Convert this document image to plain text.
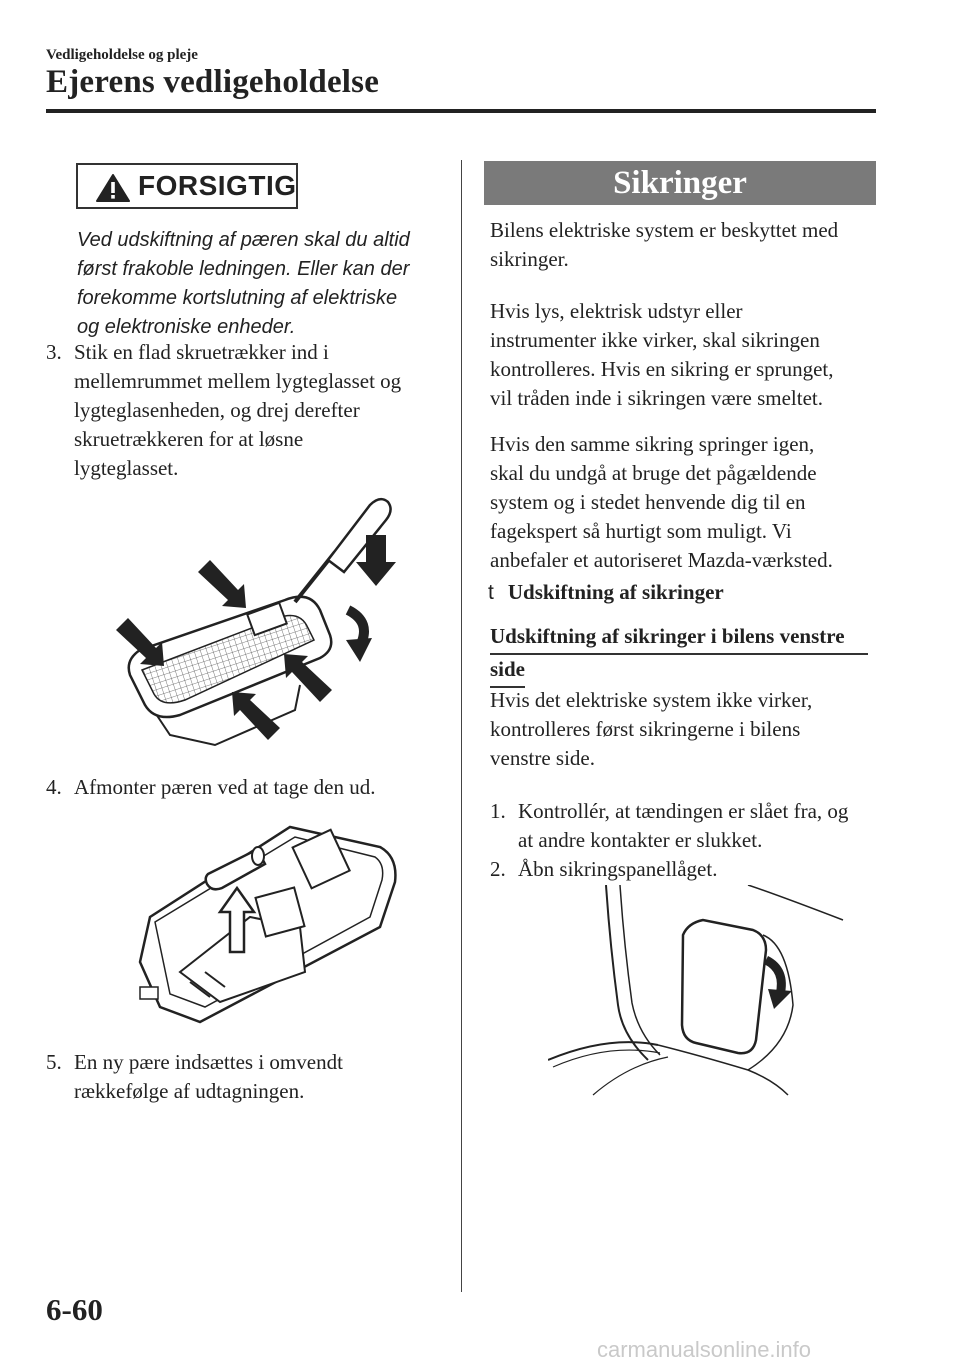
Vedligeholdelse og pleje
Ejerens vedligeholdelse
FORSIGTIG
Ved udskiftning af pæren skal du altid
først frakoble ledningen. Eller kan der
forekomme kortslutning af elektriske
og elektroniske enheder.
3. Stik en flad skruetrækker ind i
mellemrummet mellem lygteglasset og
lygteglasenheden, og drej derefter
skruetrækkeren for at løsne
lygteglasset.
4. Afmonter pæren ved at tage den ud.
5. En ny pære indsættes i omvendt
rækkefølge af udtagningen.
Sikringer
Bilens elektriske system er beskyttet med
sikringer.
Hvis lys, elektrisk udstyr eller
instrumenter ikke virker, skal sikringen
kontrolleres. Hvis en sikring er sprunget,
vil tråden inde i sikringen være smeltet.
Hvis den samme sikring springer igen,
skal du undgå at bruge det pågældende
system og i stedet henvende dig til en
fagekspert så hurtigt som muligt. Vi
anbefaler et autoriseret Mazda-værksted.
t Udskiftning af sikringer
Udskiftning af sikringer i bilens venstre
side
Hvis det elektriske system ikke virker,
kontrolleres først sikringerne i bilens
venstre side.
1. Kontrollér, at tændingen er slået fra, og
at andre kontakter er slukket.
2. Åbn sikringspanellåget.
6-60
carmanualsonline.info
